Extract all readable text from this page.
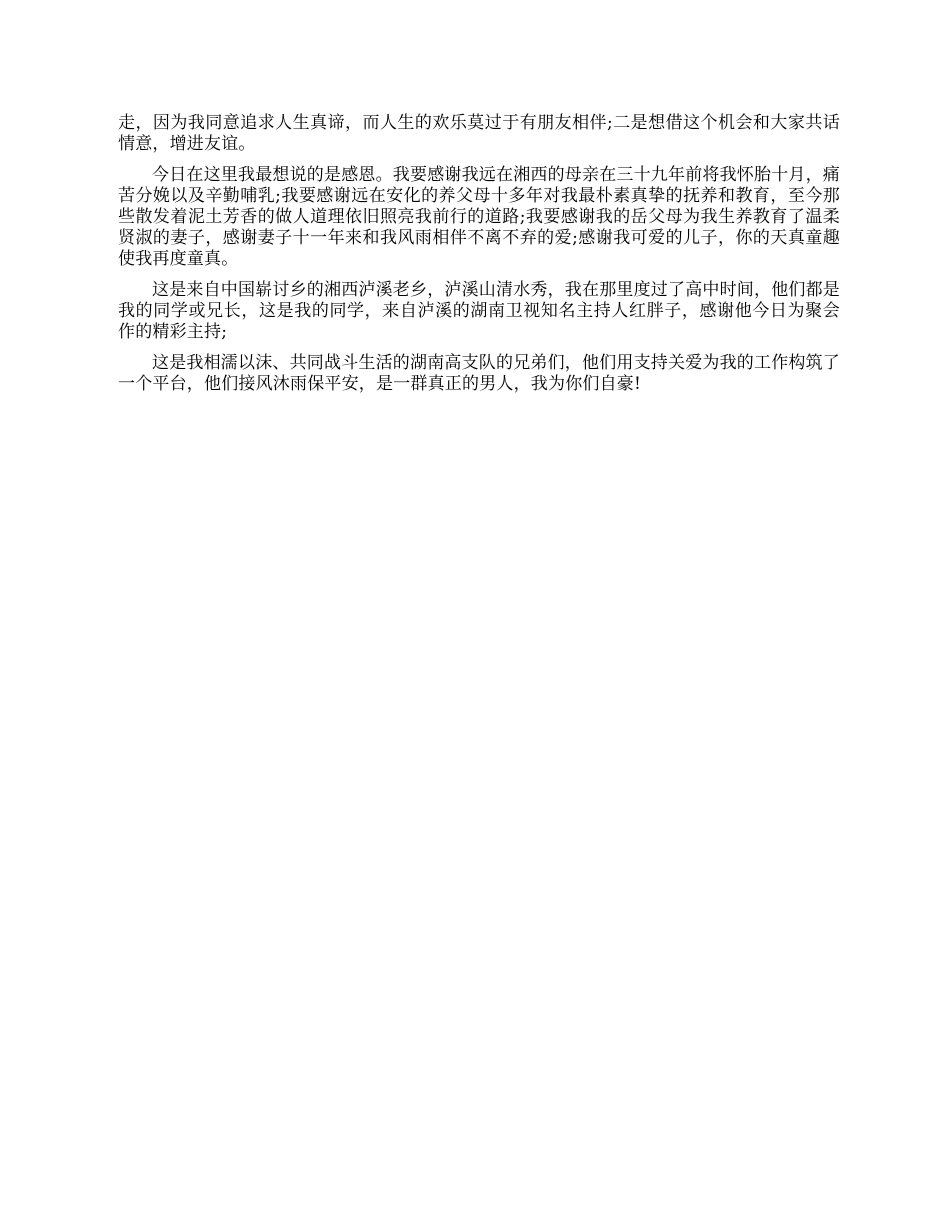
走，因为我同意追求人生真谛，而人生的欢乐莫过于有朋友相伴;二是想借这个机会和大家共话情意，增进友谊。

今日在这里我最想说的是感恩。我要感谢我远在湘西的母亲在三十九年前将我怀胎十月，痛苦分娩以及辛勤哺乳;我要感谢远在安化的养父母十多年对我最朴素真挚的抚养和教育，至今那些散发着泥土芳香的做人道理依旧照亮我前行的道路;我要感谢我的岳父母为我生养教育了温柔贤淑的妻子，感谢妻子十一年来和我风雨相伴不离不弃的爱;感谢我可爱的儿子，你的天真童趣使我再度童真。

这是来自中国崭讨乡的湘西泸溪老乡，泸溪山清水秀，我在那里度过了高中时间，他们都是我的同学或兄长，这是我的同学，来自泸溪的湖南卫视知名主持人红胖子，感谢他今日为聚会作的精彩主持;

这是我相濡以沫、共同战斗生活的湖南高支队的兄弟们，他们用支持关爱为我的工作构筑了一个平台，他们接风沐雨保平安，是一群真正的男人，我为你们自豪!
